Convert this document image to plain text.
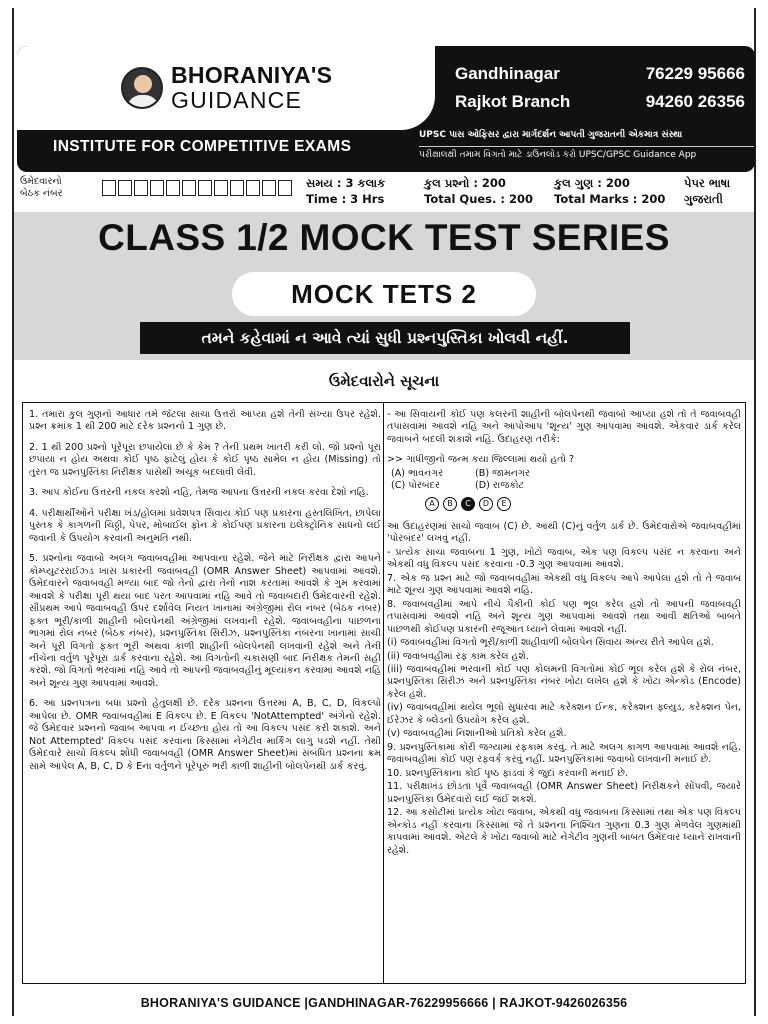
BHORANIYA'S
GUIDANCE
Gandhinagar	76229 95666
Rajkot Branch	94260 26356
INSTITUTE FOR COMPETITIVE EXAMS
UPSC પાસ ઓફિસર દ્વારા માર્ગદર્શન આપતી ગુજરાતની એકમાત્ર સંસ્થા
પરીક્ષાલક્ષી તમામ વિગતો માટે ડાઉનલોડ કરો UPSC/GPSC Guidance App
ઉમેદવારનો
બેઠક નંબર
સમય : 3 કલાક
Time : 3 Hrs
કુલ પ્રશ્નો : 200
Total Ques. : 200
કુલ ગુણ : 200
Total Marks : 200
પેપર ભાષા
ગુજરાતી
CLASS 1/2 MOCK TEST SERIES
MOCK TETS 2
તમને કહેવામાં ન આવે ત્યાં સુધી પ્રશ્નપુસ્તિકા ખોલવી નહીં.
ઉમેદવારોને સૂચના

1. તમારા કુલ ગુણનો આધાર તમે જેટલા સાચા ઉત્તરો આપ્યા હશે તેની સંખ્યા ઉપર રહેશે. પ્રશ્ન ક્રમાંક 1 થી 200 માટે દરેક પ્રશ્નનો 1 ગુણ છે.

2. 1 થી 200 પ્રશ્નો પૂરેપૂરા છપાયેલા છે કે કેમ ? તેની પ્રથમ ખાતરી કરી લો. જો પ્રશ્નો પૂરા છપાયા ન હોય અથવા કોઈ પૃષ્ઠ ફાટેલું હોય કે કોઈ પૃષ્ઠ સામેલ ન હોય (Missing) તો તુરત જ પ્રશ્નપુસ્તિકા નિરીક્ષક પાસેથી અચૂક બદલાવી લેવી.

3. આપ કોઈના ઉત્તરની નકલ કરશો નહિ, તેમજ આપના ઉત્તરની નકલ કરવા દેશો નહિ.

4. પરીક્ષાર્થીઓને પરીક્ષા ખંડ/હોલમાં પ્રવેશપત્ર સિવાય કોઈ પણ પ્રકારના હસ્તલિખિત, છાપેલા પુસ્તક કે કાગળની ચિઠ્ઠી, પેપર, મોબાઈલ ફોન કે કોઈપણ પ્રકારના ઇલેક્ટ્રોનિક સાધનો લઈ જવાની કે ઉપયોગ કરવાની અનુમતિ નથી.

5. પ્રશ્નોના જવાબો અલગ જવાબવહીમાં આપવાના રહેશે. જેને માટે નિરીક્ષક દ્વારા આપને કોમ્પ્યુટરરાઈઝ્ડ ખાસ પ્રકારની જવાબવહી (OMR Answer Sheet) આપવામાં આવશે. ઉમેદવારને જવાબવહી મળ્યા બાદ જો તેનો દ્વારા તેનો નાશ કરતામાં આવશે કે ગુમ કરવામાં આવશે કે પરીક્ષા પૂરી થયા બાદ પરત આપવામાં નહિ આવે તો જવાબદારી ઉમેદવારની રહેશે. સૌપ્રથમ આપે જવાબવહી ઉપર દર્શાવેલ નિયત ખાનામાં અંગ્રેજીમાં રોલ નંબર (બેઠક નંબર) ફક્ત ભૂરી/કાળી શાહીની બોલપેનથી અંગ્રેજીમાં લખવાની રહેશે. જવાબવહીના પાછળના ભાગમાં રોલ નંબર (બેઠક નંબર), પ્રશ્નપુસ્તિકા સિરીઝ, પ્રશ્નપુસ્તિકા નંબરના ખાનામાં સાચી અને પૂરી વિગતો ફક્ત ભૂરી અથવા કાળી શાહીની બોલપેનથી લખવાની રહેશે અને તેની નીચેના વર્તુળ પૂરેપૂરા ડાર્ક કરવાના રહેશે. આ વિગતોની ચકાસણી બાદ નિરીક્ષક તેમની સહી કરશે. જો વિગતો ભરવામાં નહિ આવે તો આપની જવાબવહીનું મૂલ્યાંકન કરવામાં આવશે નહિ અને શૂન્ય ગુણ આપવામાં આવશે.

6. આ પ્રશ્નપત્રના બધા પ્રશ્નો હેતુલક્ષી છે. દરેક પ્રશ્નના ઉત્તરમાં A, B, C, D, વિકલ્પો આપેલા છે. OMR જવાબવહીમાં E વિકલ્પ છે. E વિકલ્પ 'NotAttempted' અંગેનો રહેશે. જે ઉમેદવાર પ્રશ્નનો જવાબ આપવા ન ઈચ્છતા હોય તો આ વિકલ્પ પસંદ કરી શકાશે. અને Not Attempted' વિકલ્પ પસંદ કરવાના કિસ્સામાં નેગેટીવ માર્કિંગ લાગુ પડશે નહીં. તેથી ઉમેદવારે સાચો વિકલ્પ શોધી જવાબવહી (OMR Answer Sheet)માં સંબંધિત પ્રશ્નના ક્રમ સામે આપેલ A, B, C, D કે Eના વર્તુળને પૂરેપૂરું ભરી કાળી શાહીની બોલપેનથી ડાર્ક કરવું.

- આ સિવાયની કોઈ પણ કલરની શાહીની બોલપેનથી જવાબો આપ્યા હશે તો તે જવાબવહી તપાસવામાં આવશે નહિ અને આપોઆપ 'શૂન્ય' ગુણ આપવામાં આવશે. એકવાર ડાર્ક કરેલ જવાબને બદલી શકાશે નહિ. ઉદાહરણ તરીકે:

>> ગાંધીજીનો જન્મ કયા જિલ્લામાં થયો હતો ?

(A) ભાવનગર	(B) જામનગર
(C) પોરબંદર	(D) રાજકોટ
A	B	C	D	E

આ ઉદાહરણમાં સાચો જવાબ (C) છે. આથી (C)નું વર્તુળ ડાર્ક છે. ઉમેદવારોએ જવાબવહીમાં 'પોરબંદર' લખવું નહીં.

- પ્રત્યેક સાચા જવાબના 1 ગુણ, ખોટો જવાબ, એક પણ વિકલ્પ પસંદ ન કરવાના અને એકથી વધુ વિકલ્પ પસંદ કરવાના -0.3 ગુણ આપવામાં આવશે.

7. એક જ પ્રશ્ન માટે જો જવાબવહીમાં એકથી વધુ વિકલ્પ આપે આપેલા હશે તો તે જવાબ માટે શૂન્ય ગુણ આપવામાં આવશે નહિ.

8. જવાબવહીમાં આપે નીચે પૈકીની કોઈ પણ ભૂલ કરેલ હશે તો આપની જવાબવહી તપાસવામાં આવશે નહિ અને શૂન્ય ગુણ આપવામાં આવશે તથા આવી ક્ષતિઓ બાબતે પાછળથી કોઈપણ પ્રકારની રજૂઆત ધ્યાને લેવામાં આવશે નહીં.

(i) જવાબવહીમાં વિગતો ભૂરી/કાળી શાહીવાળી બોલપેન સિવાય અન્ય રીતે આપેલ હશે.

(ii) જવાબવહીમાં રફ કામ કરેલ હશે.

(iii) જવાબવહીમાં ભરવાની કોઈ પણ કોલમની વિગતોમાં કોઈ ભૂલ કરેલ હશે કે રોલ નંબર, પ્રશ્નપુસ્તિકા સિરીઝ અને પ્રશ્નપુસ્તિકા નંબર ખોટા લખેલ હશે કે ખોટા એન્કોડ (Encode) કરેલ હશે.

(iv) જવાબવહીમાં થયેલ ભૂલો સુધારવા માટે કરેક્શન ઈન્ક, કરેક્શન ફ્લ્યુડ, કરેક્શન પેન, ઈરેઝર કે બ્લેડનો ઉપયોગ કરેલ હશે.

(v) જવાબવહીમાં નિશાનીઓ પ્રતિકો કરેલ હશે.

9. પ્રશ્નપુસ્તિકામાં કોરી જગ્યામાં રફકામ કરવું. તે માટે અલગ કાગળ આપવામાં આવશે નહિ. જવાબવહીમાં કોઈ પણ રફવર્ક કરવું નહીં. પ્રશ્નપુસ્તિકામાં જવાબો લખવાની મનાઈ છે.

10. પ્રશ્નપુસ્તિકાના કોઈ પૃષ્ઠ ફાડવાં કે જુદાં કરવાની મનાઈ છે.

11. પરીક્ષાખંડ છોડતા પૂર્વે જવાબવહી (OMR Answer Sheet) નિરીક્ષકને સોંપવી, જયારે પ્રશ્નપુસ્તિકા ઉમેદવારો લઈ જઈ શકશે.

12. આ કસોટીમાં પ્રત્યેક ખોટા જવાબ, એકથી વધુ જવાબના કિસ્સામાં તથા એક પણ વિકલ્પ એન્કોડ નહીં કરવાના કિસ્સામાં જે તે પ્રશ્નના નિશ્ચિત ગુણના 0.3 ગુણ મેળવેલ ગુણમાંથી કાપવામાં આવશે. એટલે કે ખોટા જવાબો માટે નેગેટીવ ગુણની બાબત ઉમેદવાર ધ્યાને રાખવાની રહેશે.

BHORANIYA'S GUIDANCE |GANDHINAGAR-76229956666 | RAJKOT-9426026356
